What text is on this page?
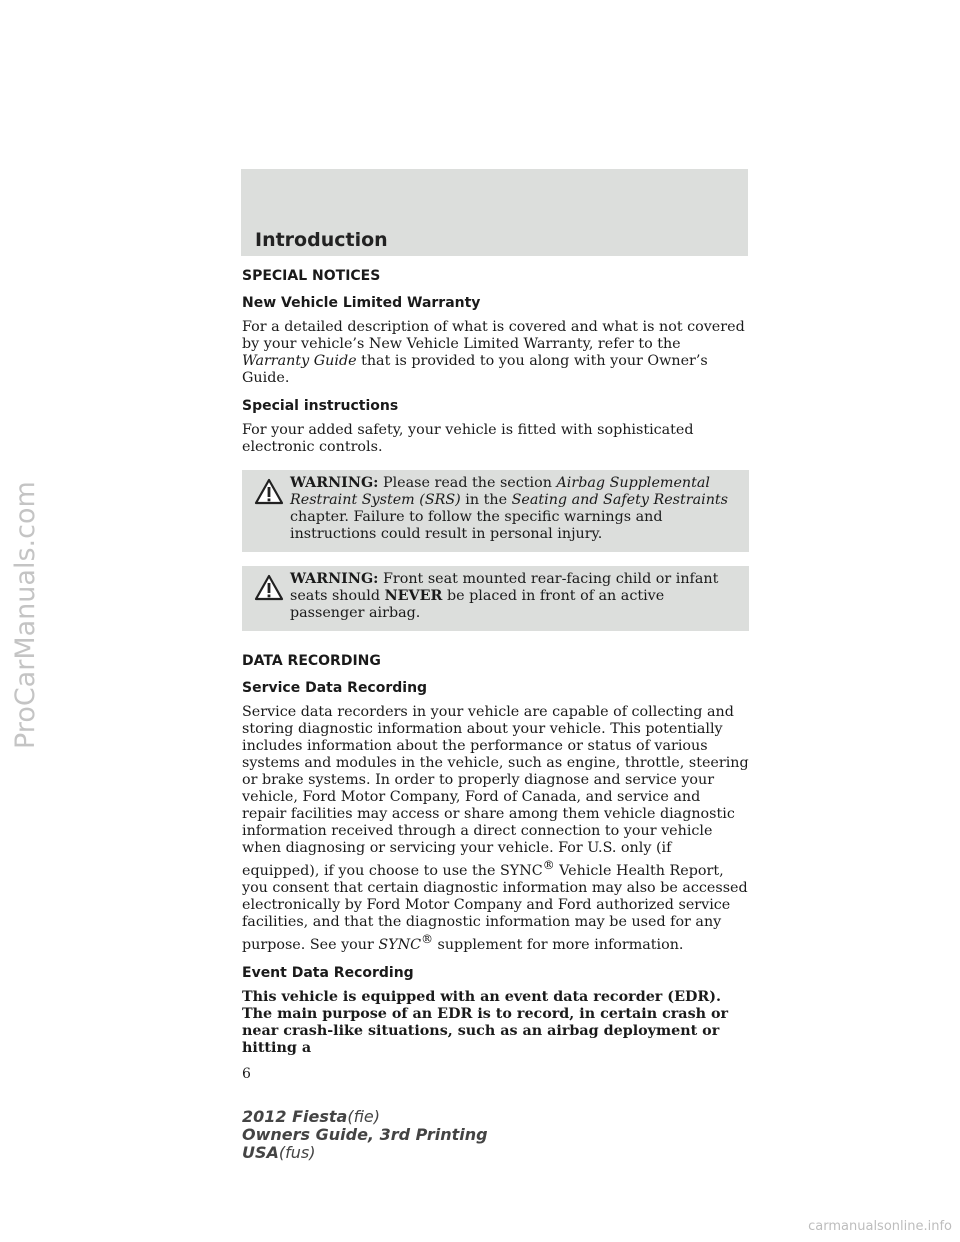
Introduction
SPECIAL NOTICES
New Vehicle Limited Warranty
For a detailed description of what is covered and what is not covered by your vehicle’s New Vehicle Limited Warranty, refer to the Warranty Guide that is provided to you along with your Owner’s Guide.
Special instructions
For your added safety, your vehicle is fitted with sophisticated electronic controls.
WARNING: Please read the section Airbag Supplemental Restraint System (SRS) in the Seating and Safety Restraints chapter. Failure to follow the specific warnings and instructions could result in personal injury.
WARNING: Front seat mounted rear-facing child or infant seats should NEVER be placed in front of an active passenger airbag.
DATA RECORDING
Service Data Recording
Service data recorders in your vehicle are capable of collecting and storing diagnostic information about your vehicle. This potentially includes information about the performance or status of various systems and modules in the vehicle, such as engine, throttle, steering or brake systems. In order to properly diagnose and service your vehicle, Ford Motor Company, Ford of Canada, and service and repair facilities may access or share among them vehicle diagnostic information received through a direct connection to your vehicle when diagnosing or servicing your vehicle. For U.S. only (if equipped), if you choose to use the SYNC® Vehicle Health Report, you consent that certain diagnostic information may also be accessed electronically by Ford Motor Company and Ford authorized service facilities, and that the diagnostic information may be used for any purpose. See your SYNC® supplement for more information.
Event Data Recording
This vehicle is equipped with an event data recorder (EDR). The main purpose of an EDR is to record, in certain crash or near crash-like situations, such as an airbag deployment or hitting a
6
2012 Fiesta(fie)
Owners Guide, 3rd Printing
USA(fus)
ProCarManuals.com
carmanualsonline.info
